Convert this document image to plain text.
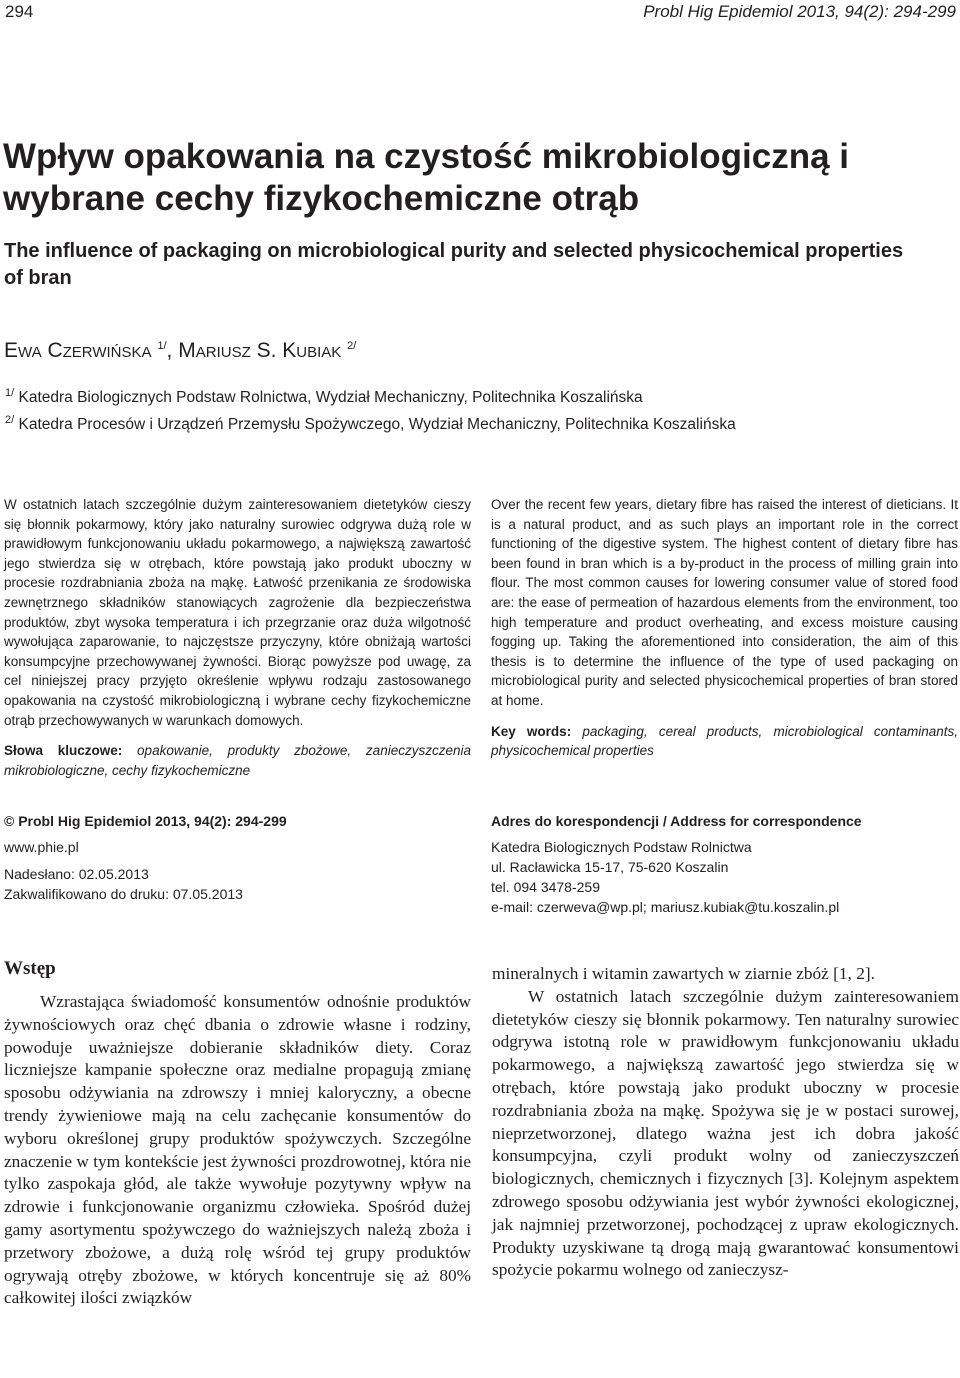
294	Probl Hig Epidemiol 2013, 94(2): 294-299
Wpływ opakowania na czystość mikrobiologiczną i wybrane cechy fizykochemiczne otrąb
The influence of packaging on microbiological purity and selected physicochemical properties of bran
Ewa Czerwińska $^{1/}$, Mariusz S. Kubiak $^{2/}$
$^{1/}$ Katedra Biologicznych Podstaw Rolnictwa, Wydział Mechaniczny, Politechnika Koszalińska
$^{2/}$ Katedra Procesów i Urządzeń Przemysłu Spożywczego, Wydział Mechaniczny, Politechnika Koszalińska
W ostatnich latach szczególnie dużym zainteresowaniem dietetyków cieszy się błonnik pokarmowy, który jako naturalny surowiec odgrywa dużą role w prawidłowym funkcjonowaniu układu pokarmowego, a największą zawartość jego stwierdza się w otrębach, które powstają jako produkt uboczny w procesie rozdrabniania zboża na mąkę. Łatwość przenikania ze środowiska zewnętrznego składników stanowiących zagrożenie dla bezpieczeństwa produktów, zbyt wysoka temperatura i ich przegrzanie oraz duża wilgotność wywołująca zaparowanie, to najczęstsze przyczyny, które obniżają wartości konsumpcyjne przechowywanej żywności. Biorąc powyższe pod uwagę, za cel niniejszej pracy przyjęto określenie wpływu rodzaju zastosowanego opakowania na czystość mikrobiologiczną i wybrane cechy fizykochemiczne otrąb przechowywanych w warunkach domowych.
Słowa kluczowe: opakowanie, produkty zbożowe, zanieczyszczenia mikrobiologiczne, cechy fizykochemiczne
Over the recent few years, dietary fibre has raised the interest of dieticians. It is a natural product, and as such plays an important role in the correct functioning of the digestive system. The highest content of dietary fibre has been found in bran which is a by-product in the process of milling grain into flour. The most common causes for lowering consumer value of stored food are: the ease of permeation of hazardous elements from the environment, too high temperature and product overheating, and excess moisture causing fogging up. Taking the aforementioned into consideration, the aim of this thesis is to determine the influence of the type of used packaging on microbiological purity and selected physicochemical properties of bran stored at home.
Key words: packaging, cereal products, microbiological contaminants, physicochemical properties
© Probl Hig Epidemiol 2013, 94(2): 294-299
www.phie.pl
Nadesłano: 02.05.2013
Zakwalifikowano do druku: 07.05.2013
Adres do korespondencji / Address for correspondence
Katedra Biologicznych Podstaw Rolnictwa
ul. Racławicka 15-17, 75-620 Koszalin
tel. 094 3478-259
e-mail: czerweva@wp.pl; mariusz.kubiak@tu.koszalin.pl
Wstęp
Wzrastająca świadomość konsumentów odnośnie produktów żywnościowych oraz chęć dbania o zdrowie własne i rodziny, powoduje uważniejsze dobieranie składników diety. Coraz liczniejsze kampanie społeczne oraz medialne propagują zmianę sposobu odżywiania na zdrowszy i mniej kaloryczny, a obecne trendy żywieniowe mają na celu zachęcanie konsumentów do wyboru określonej grupy produktów spożywczych. Szczególne znaczenie w tym kontekście jest żywności prozdrowotnej, która nie tylko zaspokaja głód, ale także wywołuje pozytywny wpływ na zdrowie i funkcjonowanie organizmu człowieka. Spośród dużej gamy asortymentu spożywczego do ważniejszych należą zboża i przetwory zbożowe, a dużą rolę wśród tej grupy produktów ogrywają otręby zbożowe, w których koncentruje się aż 80% całkowitej ilości związków
mineralnych i witamin zawartych w ziarnie zbóż [1, 2].
W ostatnich latach szczególnie dużym zainteresowaniem dietetyków cieszy się błonnik pokarmowy. Ten naturalny surowiec odgrywa istotną role w prawidłowym funkcjonowaniu układu pokarmowego, a największą zawartość jego stwierdza się w otrębach, które powstają jako produkt uboczny w procesie rozdrabniania zboża na mąkę. Spożywa się je w postaci surowej, nieprzetworzonej, dlatego ważna jest ich dobra jakość konsumpcyjna, czyli produkt wolny od zanieczyszczeń biologicznych, chemicznych i fizycznych [3]. Kolejnym aspektem zdrowego sposobu odżywiania jest wybór żywności ekologicznej, jak najmniej przetworzonej, pochodzącej z upraw ekologicznych. Produkty uzyskiwane tą drogą mają gwarantować konsumentowi spożycie pokarmu wolnego od zanieczysz-
